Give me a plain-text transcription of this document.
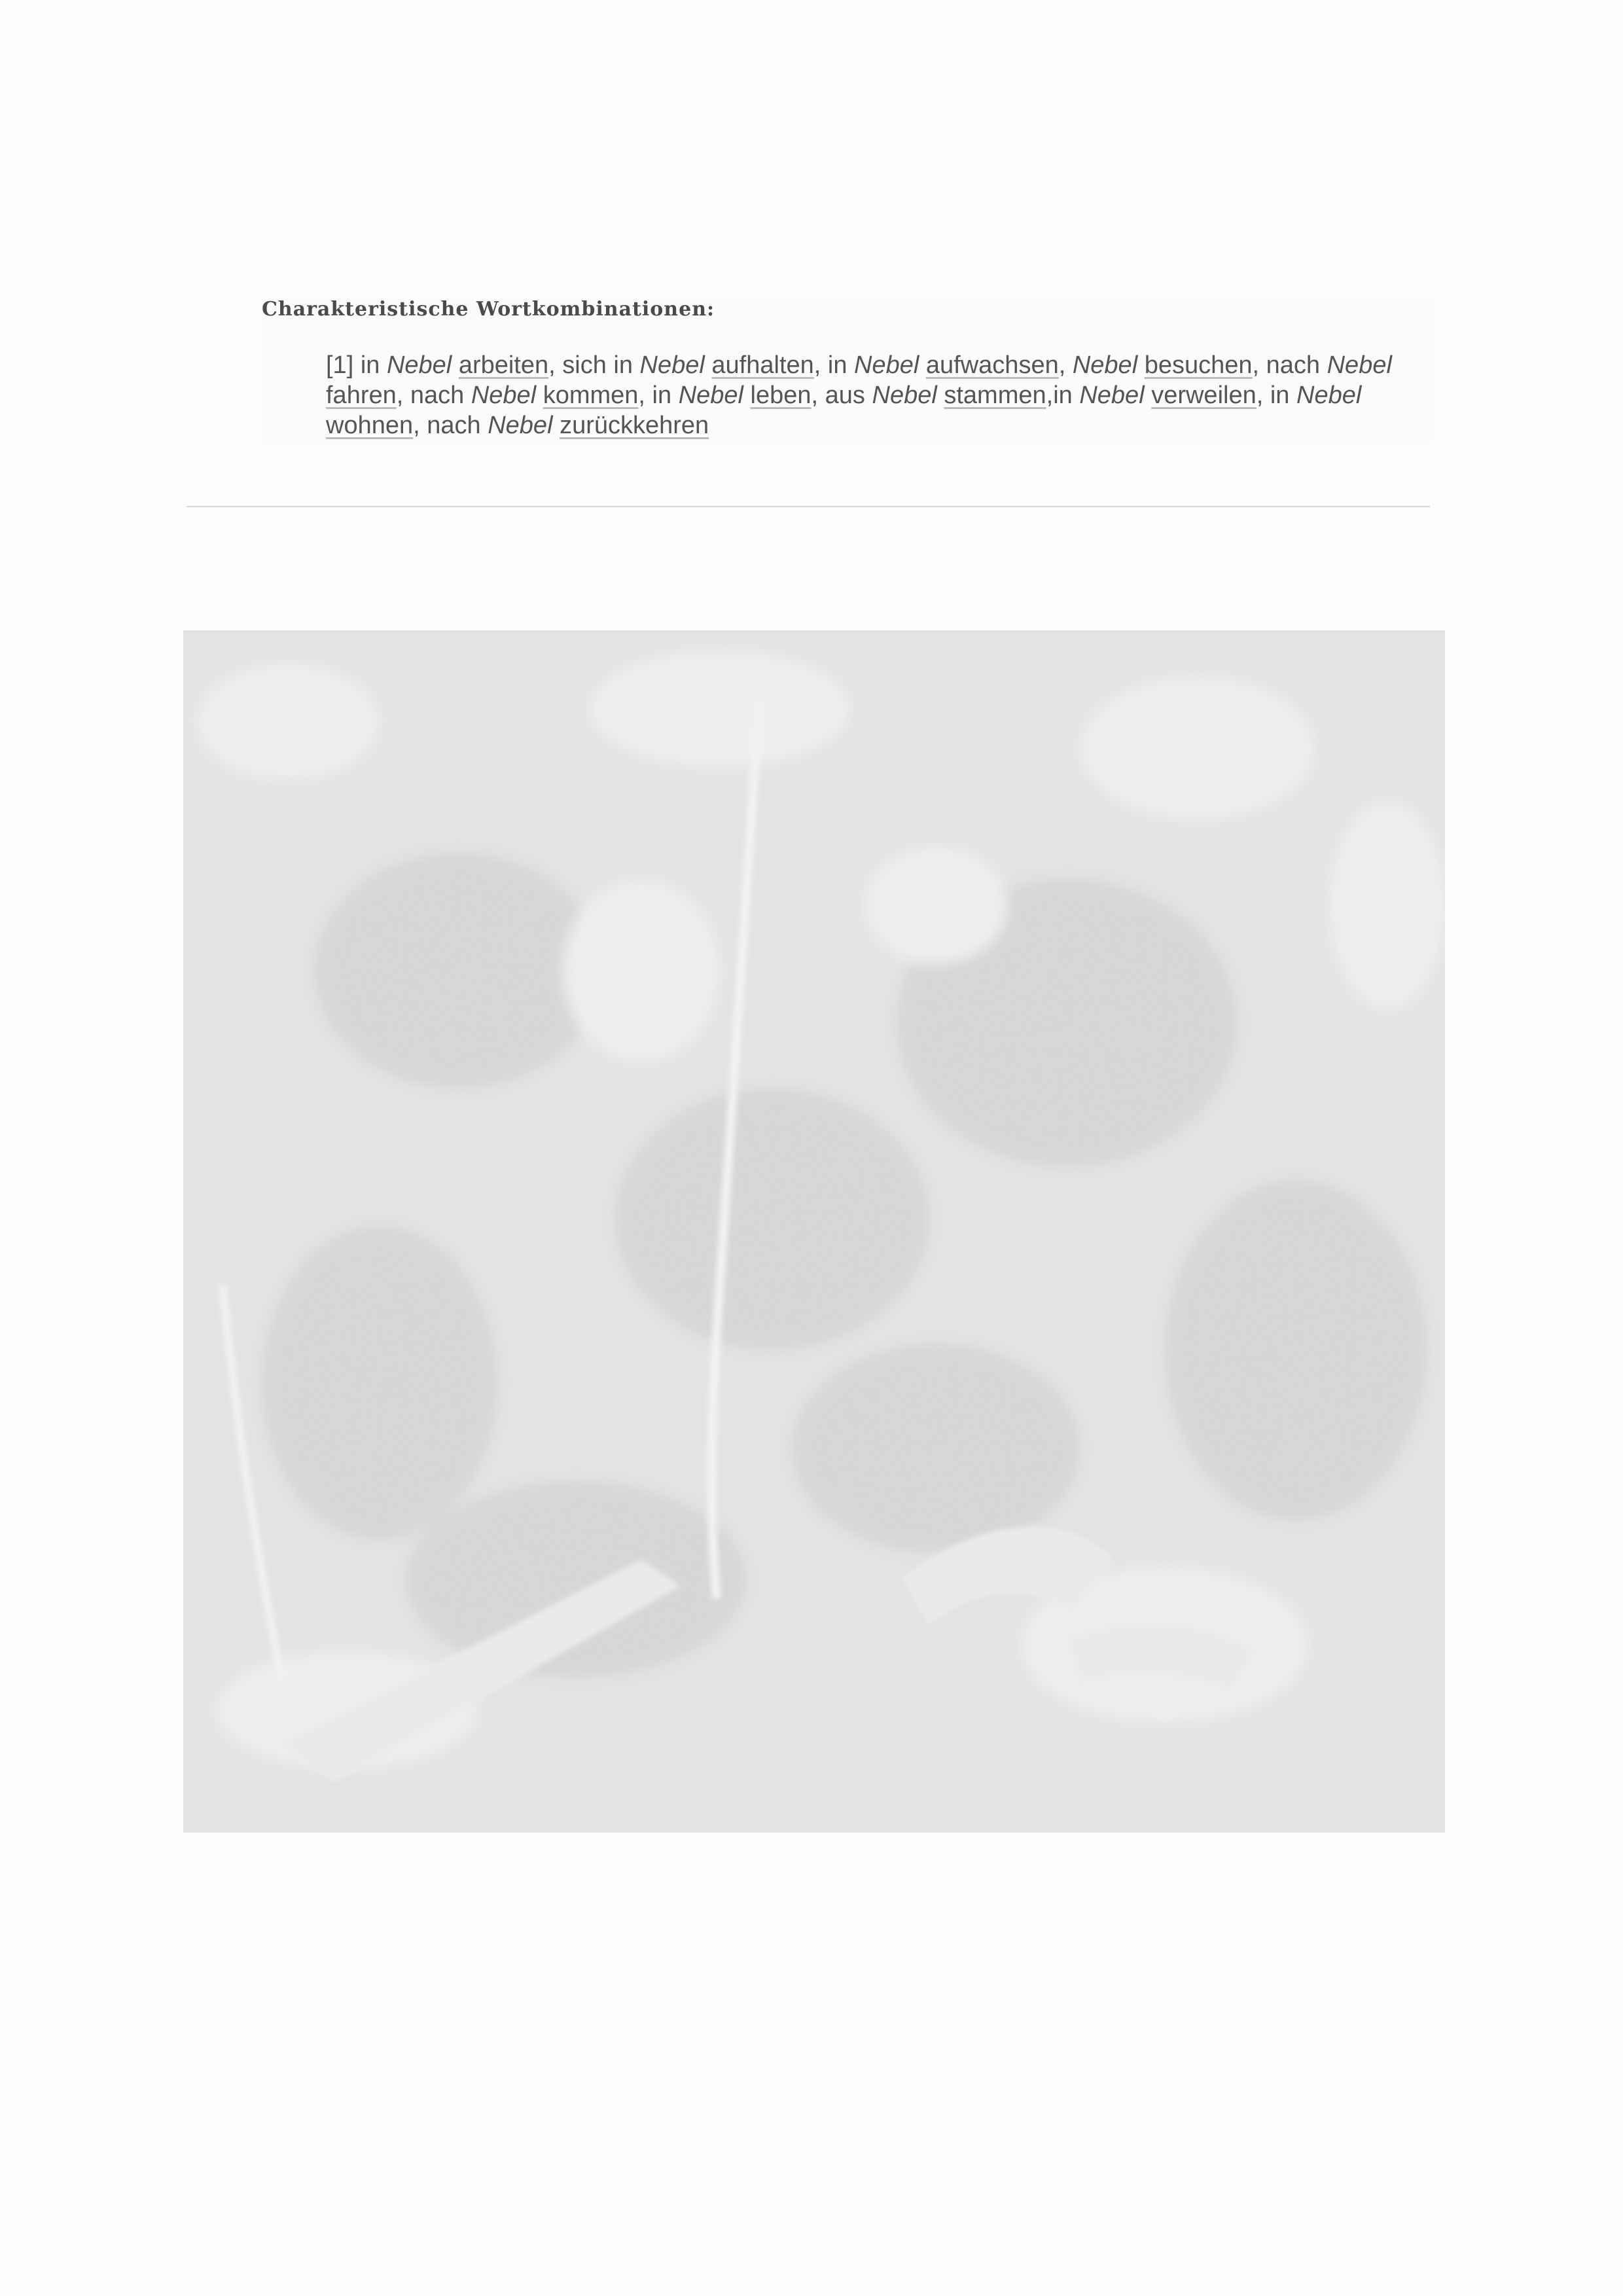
Charakteristische Wortkombinationen:
[1] in Nebel arbeiten, sich in Nebel aufhalten, in Nebel aufwachsen, Nebel besuchen, nach Nebel fahren, nach Nebel kommen, in Nebel leben, aus Nebel stammen,in Nebel verweilen, in Nebel wohnen, nach Nebel zurückkehren
